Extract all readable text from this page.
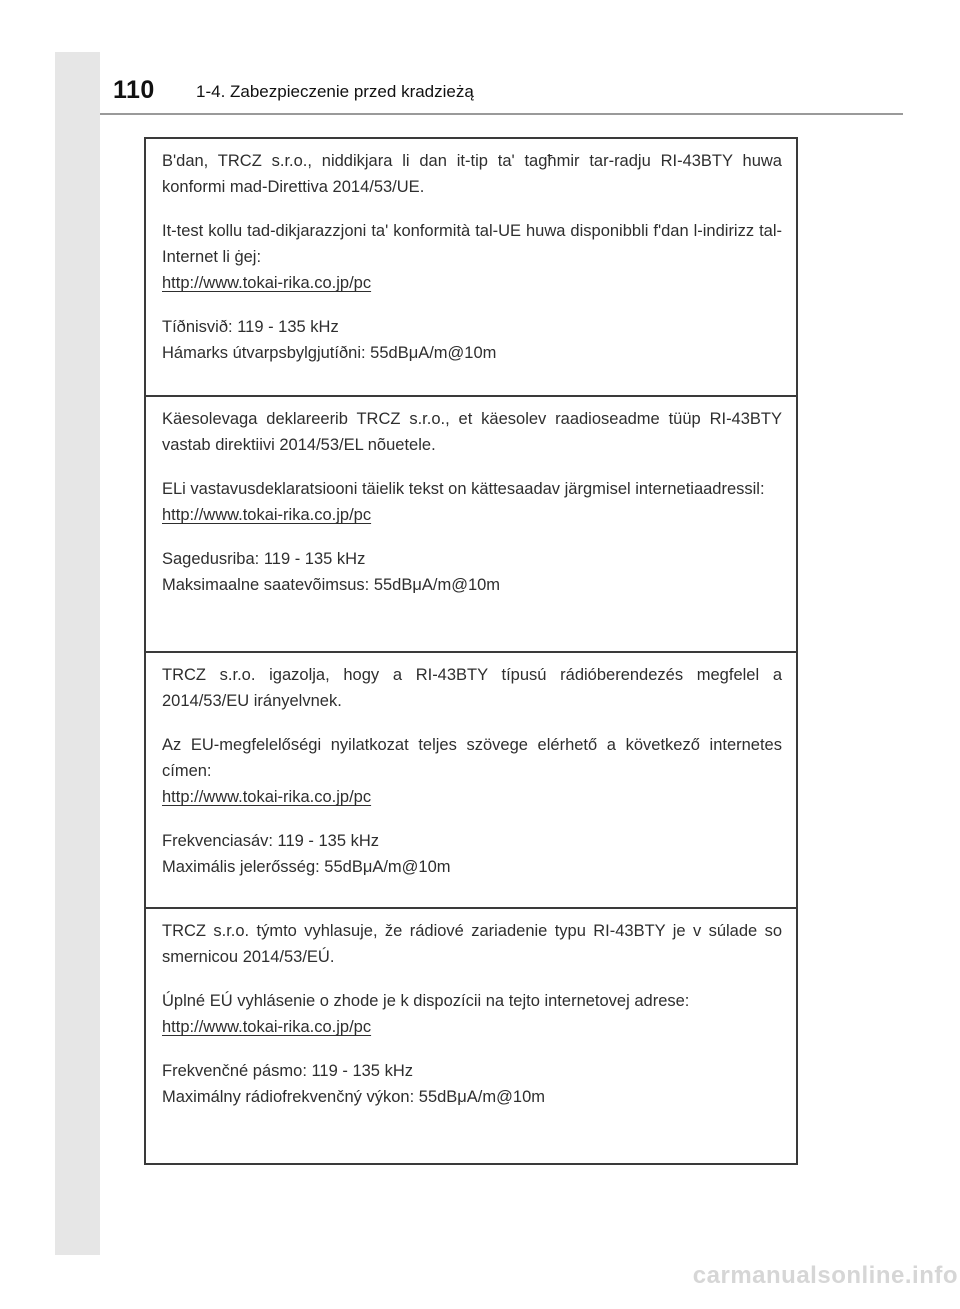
110 1-4. Zabezpieczenie przed kradzieżą

B'dan, TRCZ s.r.o., niddikjara li dan it-tip ta' tagħmir tar-radju RI-43BTY huwa konformi mad-Direttiva 2014/53/UE.

It-test kollu tad-dikjarazzjoni ta' konformità tal-UE huwa disponibbli f'dan l-indirizz tal-Internet li ġej:

http://www.tokai-rika.co.jp/pc

Tíðnisvið: 119 - 135 kHz

Hámarks útvarpsbylgjutíðni: 55dBμA/m@10m

Käesolevaga deklareerib TRCZ s.r.o., et käesolev raadioseadme tüüp RI-43BTY vastab direktiivi 2014/53/EL nõuetele.

ELi vastavusdeklaratsiooni täielik tekst on kättesaadav järgmisel internetiaadressil:

http://www.tokai-rika.co.jp/pc

Sagedusriba: 119 - 135 kHz

Maksimaalne saatevõimsus: 55dBμA/m@10m

TRCZ s.r.o. igazolja, hogy a RI-43BTY típusú rádióberendezés megfelel a 2014/53/EU irányelvnek.

Az EU-megfelelőségi nyilatkozat teljes szövege elérhető a következő internetes címen:

http://www.tokai-rika.co.jp/pc

Frekvenciasáv: 119 - 135 kHz

Maximális jelerősség: 55dBμA/m@10m

TRCZ s.r.o. týmto vyhlasuje, že rádiové zariadenie typu RI-43BTY je v súlade so smernicou 2014/53/EÚ.

Úplné EÚ vyhlásenie o zhode je k dispozícii na tejto internetovej adrese:

http://www.tokai-rika.co.jp/pc

Frekvenčné pásmo: 119 - 135 kHz

Maximálny rádiofrekvenčný výkon: 55dBμA/m@10m

carmanualsonline.info
